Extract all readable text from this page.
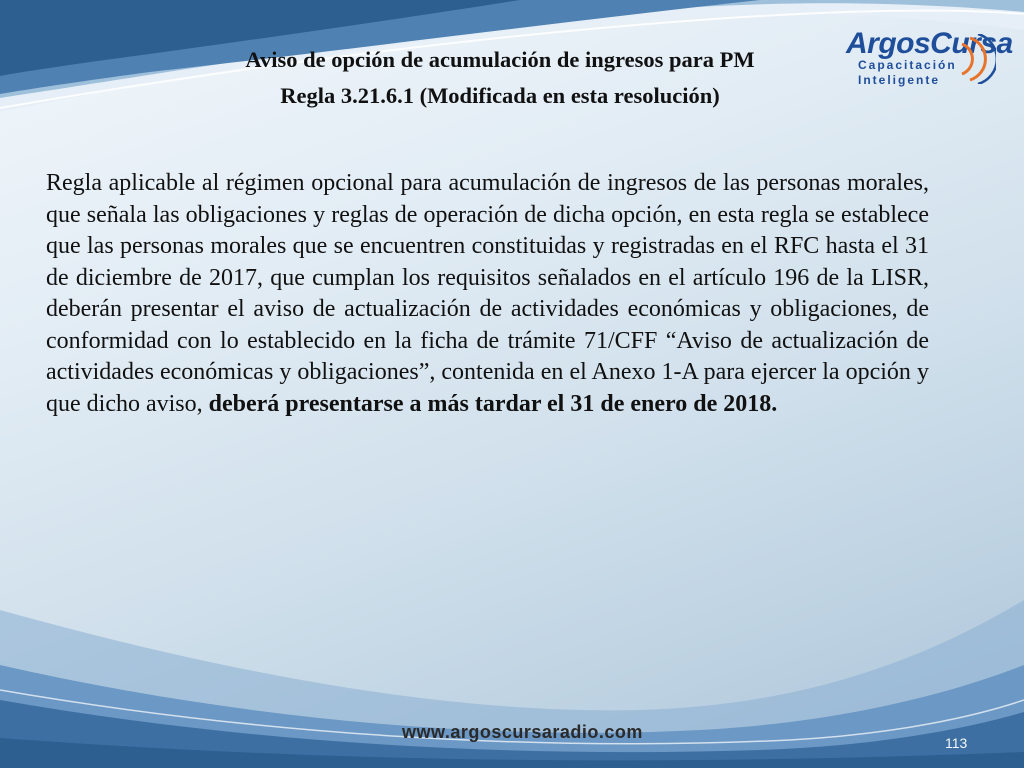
Aviso de opción de acumulación de ingresos para PM
Regla 3.21.6.1 (Modificada en esta resolución)

Regla aplicable al régimen opcional para acumulación de ingresos de las personas morales, que señala las obligaciones y reglas de operación de dicha opción, en esta regla se establece que las personas morales que se encuentren constituidas y registradas en el RFC hasta el 31 de diciembre de 2017, que cumplan los requisitos señalados en el artículo 196 de la LISR, deberán presentar el aviso de actualización de actividades económicas y obligaciones, de conformidad con lo establecido en la ficha de trámite 71/CFF “Aviso de actualización de actividades económicas y obligaciones”, contenida en el Anexo 1-A para ejercer la opción y que dicho aviso, deberá presentarse a más tardar el 31 de enero de 2018.

ArgosCursa

Capacitación

Inteligente

www.argoscursaradio.com

113
